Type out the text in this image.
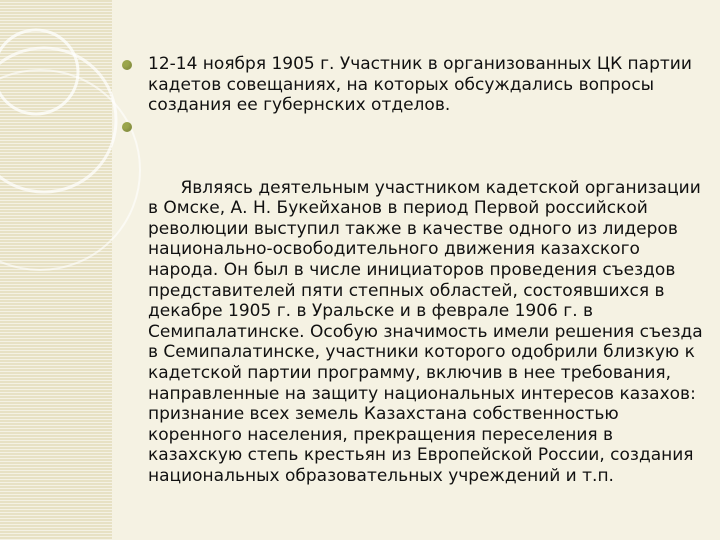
12-14 ноября 1905 г. Участник в организованных ЦК партии кадетов совещаниях, на которых обсуждались вопросы создания ее губернских отделов.

Являясь деятельным участником кадетской организации в Омске, А. Н. Букейханов в период Первой российской революции выступил также в качестве одного из лидеров национально-освободительного движения казахского народа. Он был в числе инициаторов проведения съездов представителей пяти степных областей, состоявшихся в декабре 1905 г. в Уральске и в феврале 1906 г. в Семипалатинске. Особую значимость имели решения съезда в Семипалатинске, участники которого одобрили близкую к кадетской партии программу, включив в нее требования, направленные на защиту национальных интересов казахов: признание всех земель Казахстана собственностью коренного населения, прекращения переселения в казахскую степь крестьян из Европейской России, создания национальных образовательных учреждений и т.п.
